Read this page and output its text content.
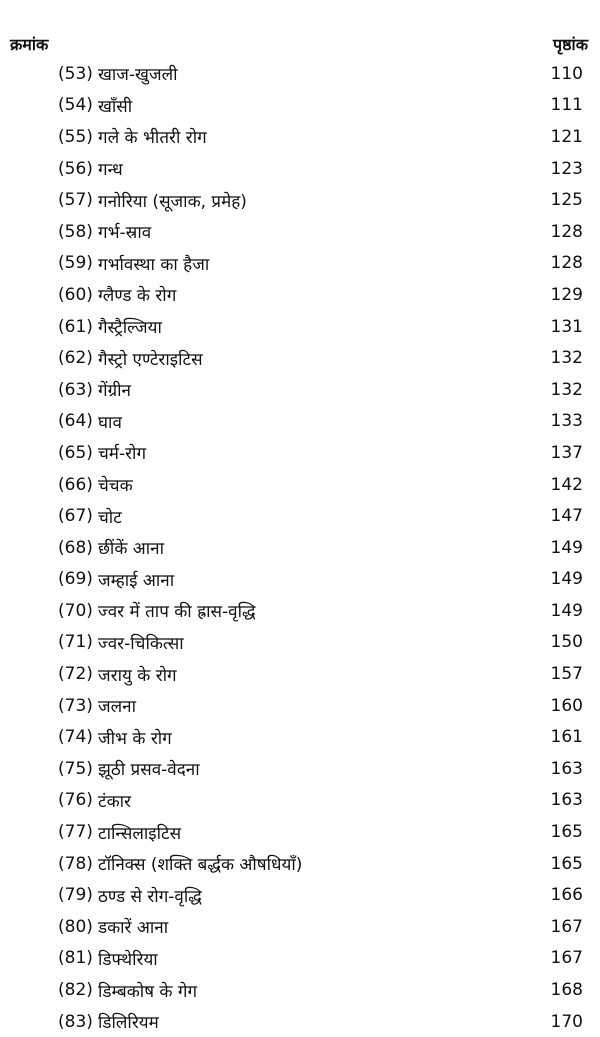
क्रमांक	पृष्ठांक
(53) खाज-खुजली	110
(54) खाँसी	111
(55) गले के भीतरी रोग	121
(56) गन्ध	123
(57) गनोरिया (सूजाक, प्रमेह)	125
(58) गर्भ-स्राव	128
(59) गर्भावस्था का हैजा	128
(60) ग्लैण्ड के रोग	129
(61) गैस्ट्रैल्जिया	131
(62) गैस्ट्रो एण्टेराइटिस	132
(63) गेंग्रीन	132
(64) घाव	133
(65) चर्म-रोग	137
(66) चेचक	142
(67) चोट	147
(68) छींकें आना	149
(69) जम्हाई आना	149
(70) ज्वर में ताप की ह्रास-वृद्धि	149
(71) ज्वर-चिकित्सा	150
(72) जरायु के रोग	157
(73) जलना	160
(74) जीभ के रोग	161
(75) झूठी प्रसव-वेदना	163
(76) टंकार	163
(77) टान्सिलाइटिस	165
(78) टॉनिक्स (शक्ति बर्द्धक औषधियाँ)	165
(79) ठण्ड से रोग-वृद्धि	166
(80) डकारें आना	167
(81) डिफ्थेरिया	167
(82) डिम्बकोष के गेग	168
(83) डिलिरियम	170
